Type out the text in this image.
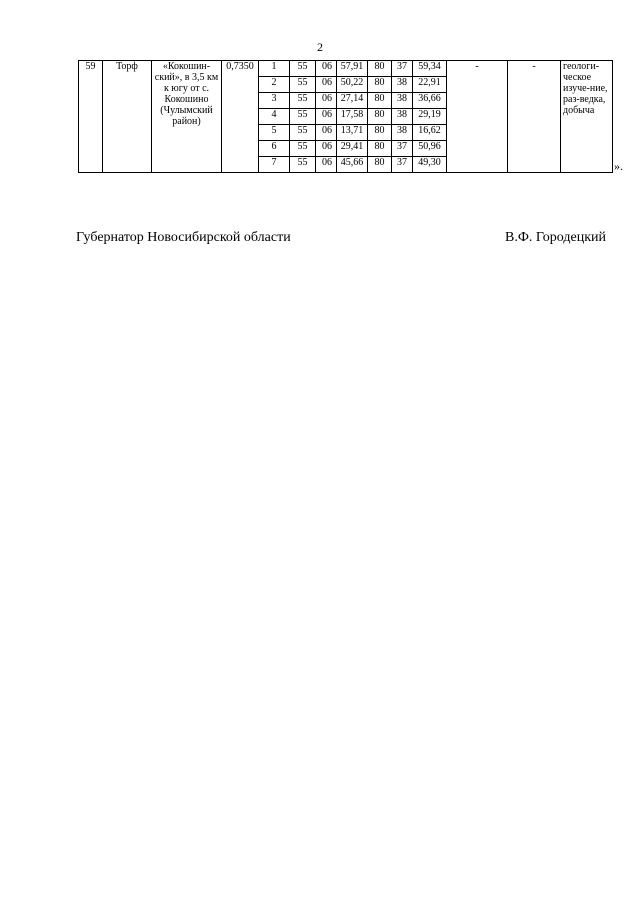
2
59	Торф	«Кокошин-ский», в 3,5 км к югу от с. Кокошино (Чулымский район)	0,7350	1	55	06	57,91	80	37	59,34	-	-	геологи-ческое изуче-ние, раз-ведка, добыча
				2	55	06	50,22	80	38	22,91			
				3	55	06	27,14	80	38	36,66			
				4	55	06	17,58	80	38	29,19			
				5	55	06	13,71	80	38	16,62			
				6	55	06	29,41	80	37	50,96			
				7	55	06	45,66	80	37	49,30				».
Губернатор Новосибирской области	В.Ф. Городецкий
